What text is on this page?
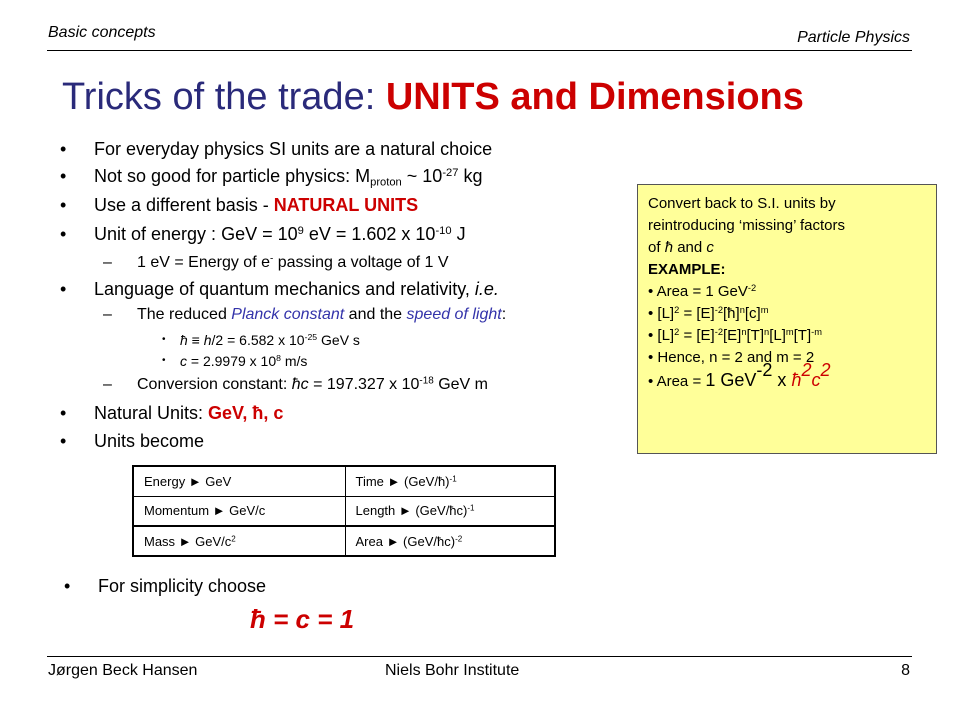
Basic concepts	Particle Physics
Tricks of the trade: UNITS and Dimensions
• For everyday physics SI units are a natural choice
• Not so good for particle physics: $M_{proton}$ ~ $10^{-27}$ kg
• Use a different basis - NATURAL UNITS
• Unit of energy : GeV = $10^9$ eV = 1.602 x $10^{-10}$ J
– 1 eV = Energy of e- passing a voltage of 1 V
• Language of quantum mechanics and relativity, i.e.
– The reduced Planck constant and the speed of light:
• ħ ≡ h/2 = 6.582 x $10^{-25}$ GeV s
• c = 2.9979 x $10^8$ m/s
– Conversion constant: ħc = 197.327 x $10^{-18}$ GeV m
• Natural Units: GeV, ħ, c
• Units become
Convert back to S.I. units by
reintroducing ‘missing’ factors
of ħ and c
EXAMPLE:
• Area = 1 GeV$^{-2}$
• $[L]^2$ = $[E]^{-2}[ħ]^n[c]^m$
• $[L]^2 = [E]^{-2}[E]^n[T]^n[L]^m[T]^{-m}$
• Hence, n = 2 and m = 2
• Area = 1 GeV$^{-2}$ x $ħ^2c^2$
Energy ► GeV	Time ► (GeV/ħ)$^{-1}$
Momentum ► GeV/c	Length ► (GeV/ħc)$^{-1}$
Mass ► GeV/$c^2$	Area ► (GeV/ħc)$^{-2}$
• For simplicity choose
ħ = c = 1
Jørgen Beck Hansen	Niels Bohr Institute	8
